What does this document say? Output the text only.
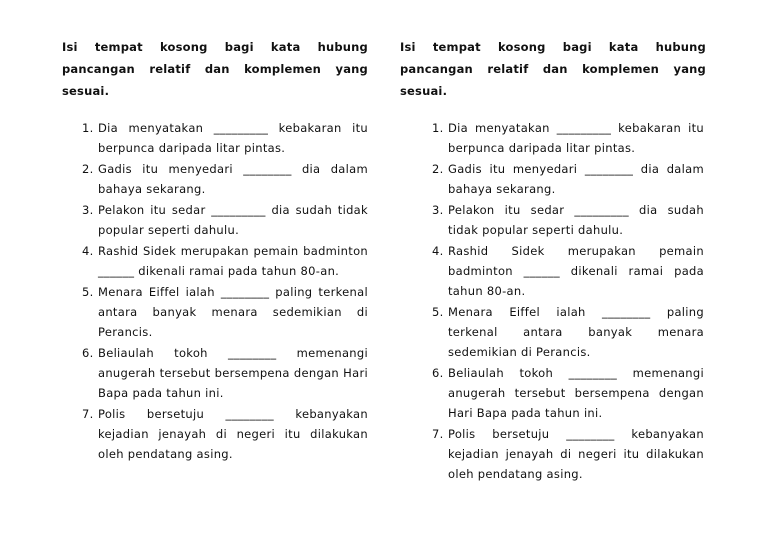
Isi tempat kosong bagi kata hubung pancangan relatif dan komplemen yang sesuai.

1. Dia menyatakan _________ kebakaran itu berpunca daripada litar pintas.
2. Gadis itu menyedari ________ dia dalam bahaya sekarang.
3. Pelakon itu sedar _________ dia sudah tidak popular seperti dahulu.
4. Rashid Sidek merupakan pemain badminton ______ dikenali ramai pada tahun 80-an.
5. Menara Eiffel ialah ________ paling terkenal antara banyak menara sedemikian di Perancis.
6. Beliaulah tokoh ________ memenangi anugerah tersebut bersempena dengan Hari Bapa pada tahun ini.
7. Polis bersetuju ________ kebanyakan kejadian jenayah di negeri itu dilakukan oleh pendatang asing.

Isi tempat kosong bagi kata hubung pancangan relatif dan komplemen yang sesuai.

1. Dia menyatakan _________ kebakaran itu berpunca daripada litar pintas.
2. Gadis itu menyedari ________ dia dalam bahaya sekarang.
3. Pelakon itu sedar _________ dia sudah tidak popular seperti dahulu.
4. Rashid Sidek merupakan pemain badminton ______ dikenali ramai pada tahun 80-an.
5. Menara Eiffel ialah ________ paling terkenal antara banyak menara sedemikian di Perancis.
6. Beliaulah tokoh ________ memenangi anugerah tersebut bersempena dengan Hari Bapa pada tahun ini.
7. Polis bersetuju ________ kebanyakan kejadian jenayah di negeri itu dilakukan oleh pendatang asing.
